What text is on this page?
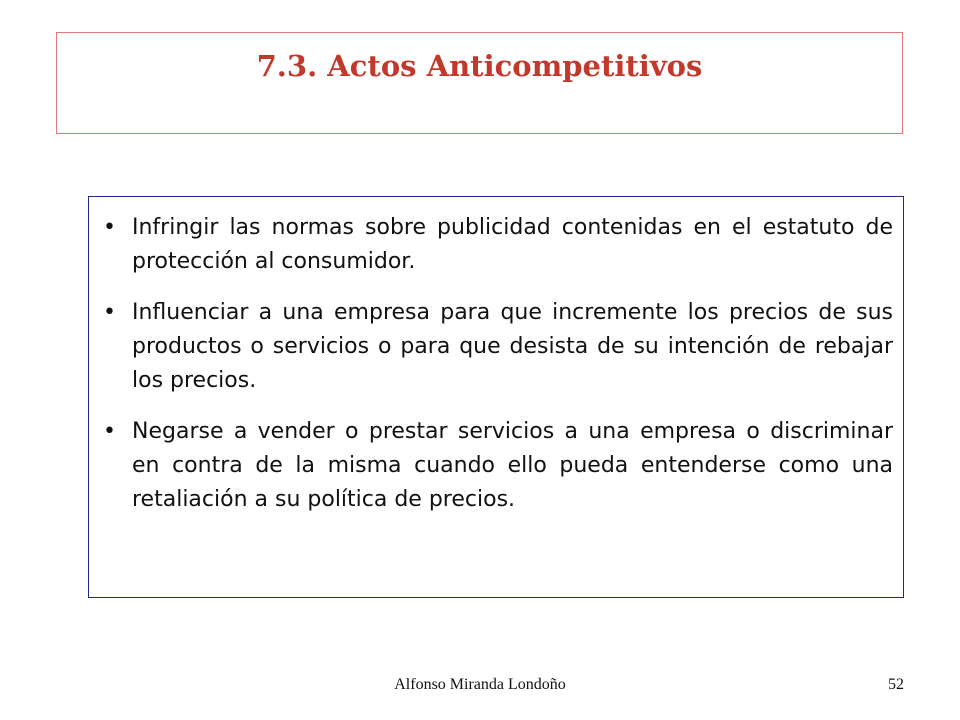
7.3. Actos Anticompetitivos
• Infringir las normas sobre publicidad contenidas en el estatuto de protección al consumidor.
• Influenciar a una empresa para que incremente los precios de sus productos o servicios o para que desista de su intención de rebajar los precios.
• Negarse a vender o prestar servicios a una empresa o discriminar en contra de la misma cuando ello pueda entenderse como una retaliación a su política de precios.
Alfonso Miranda Londoño	52
